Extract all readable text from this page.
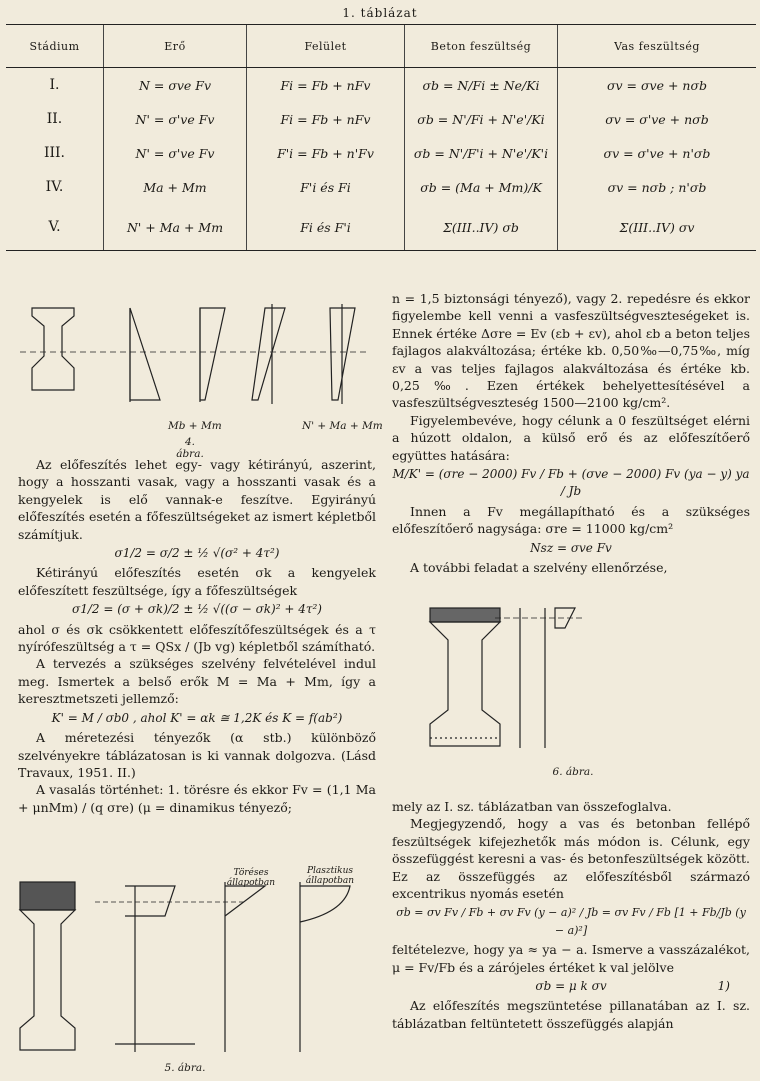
1. táblázat
Stádium	Erő	Felület	Beton feszültség	Vas feszültség
I.	N = σve Fv	Fi = Fb + nFv	σb = N/Fi ± Ne/Ki	σv = σve + nσb
II.	N' = σ've Fv	Fi = Fb + nFv	σb = N'/Fi + N'e'/Ki	σv = σ've + nσb
III.	N' = σ've Fv	F'i = Fb + n'Fv	σb = N'/F'i + N'e'/K'i	σv = σ've + n'σb
IV.	Ma + Mm	F'i és Fi	σb = (Ma + Mm)/K	σv = nσb ; n'σb
V.	N' + Ma + Mm	Fi és F'i	Σ(III..IV) σb	Σ(III..IV) σv
Mb + Mm	N' + Ma + Mm
4. ábra.

Az előfeszítés lehet egy- vagy kétirányú, aszerint, hogy a hosszanti vasak, vagy a hosszanti vasak és a kengyelek is elő vannak-e feszítve. Egyirányú előfeszítés esetén a főfeszültségeket az ismert képletből számítjuk.

σ1/2 = σ/2 ± ½ √(σ² + 4τ²)

Kétirányú előfeszítés esetén σk a kengyelek előfeszített feszültsége, így a főfeszültségek

σ1/2 = (σ + σk)/2 ± ½ √((σ − σk)² + 4τ²)

ahol σ és σk csökkentett előfeszítőfeszültségek és a τ nyírófeszültség a τ = QSx / (Jb vg) képletből számítható.

A tervezés a szükséges szelvény felvételével indul meg. Ismertek a belső erők M = Ma + Mm, így a keresztmetszeti jellemző:

K' = M / σb0 , ahol K' = αk ≅ 1,2K és K = f(ab²)

A méretezési tényezők (α stb.) különböző szelvényekre táblázatosan is ki vannak dolgozva. (Lásd Travaux, 1951. II.)

A vasalás történhet: 1. törésre és ekkor Fv = (1,1 Ma + μnMm) / (q σre) (μ = dinamikus tényező;

Töréses állapotban
Plasztikus állapotban
5. ábra.

n = 1,5 biztonsági tényező), vagy 2. repedésre és ekkor figyelembe kell venni a vasfeszültségveszteségeket is. Ennek értéke Δσre = Ev (εb + εv), ahol εb a beton teljes fajlagos alakváltozása; értéke kb. 0,50‰—0,75‰, míg εv a vas teljes fajlagos alakváltozása és értéke kb. 0,25‰. Ezen értékek behelyettesítésével a vasfeszültségveszteség 1500—2100 kg/cm².

Figyelembevéve, hogy célunk a 0 feszültséget elérni a húzott oldalon, a külső erő és az előfeszítőerő együttes hatására:

M/K' = (σre − 2000) Fv / Fb + (σve − 2000) Fv (ya − y) ya / Jb

Innen a Fv megállapítható és a szükséges előfeszítőerő nagysága: σre = 11000 kg/cm²

Nsz = σve Fv

A további feladat a szelvény ellenőrzése,

6. ábra.

mely az I. sz. táblázatban van összefoglalva.

Megjegyzendő, hogy a vas és betonban fellépő feszültségek kifejezhetők más módon is. Célunk, egy összefüggést keresni a vas- és betonfeszültségek között. Ez az összefüggés az előfeszítésből származó excentrikus nyomás esetén

σb = σv Fv / Fb + σv Fv (y − a)² / Jb = σv Fv / Fb [1 + Fb/Jb (y − a)²]

feltételezve, hogy ya ≈ ya − a. Ismerve a vasszázalékot, μ = Fv/Fb és a zárójeles értéket k val jelölve

σb = μ k σv	1)

Az előfeszítés megszüntetése pillanatában az I. sz. táblázatban feltüntetett összefüggés alapján
